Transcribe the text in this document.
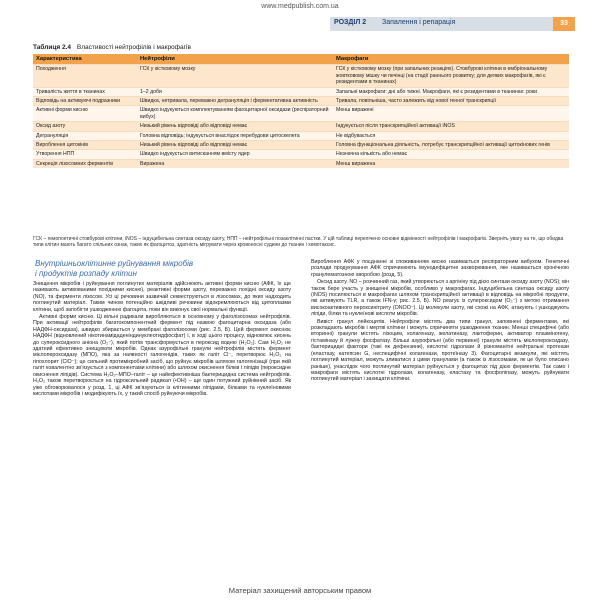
www.medpublish.com.ua
РОЗДІЛ 2 Запалення і репарація	33
Таблиця 2.4 Властивості нейтрофілів і макрофагів
Характеристика	Нейтрофіли	Макрофаги
Походження	ГСК у кістковому мозку	ГСК у кістковому мозку (при запальних реакціях). Стовбурові клітини в ембріональному жовтковому мішку чи печінці (на стадії раннього розвитку; для деяких макрофагів, які є резидентами в тканинах)
Тривалість життя в тканинах	1–2 доби	Запальні макрофаги: дні або тижні. Макрофаги, які є резидентами в тканинах: роки
Відповідь на активуючі подразники	Швидка, нетривала, переважно дегрануляція і ферментативна активність	Тривала, повільніша, часто залежить від нової генної транскрипції
Активні форми кисню	Швидко індукуються комплектуванням фагоцитарної оксидази (респіраторний вибух)	Менш виражені
Оксид азоту	Низький рівень відповіді або відповіді немає	Індукується після транскрипційної активації iNOS
Дегрануляція	Головна відповідь; індукується внаслідок перебудови цитоскелета	Не відбувається
Вироблення цитокінів	Низький рівень відповіді або відповіді немає	Головна функціональна діяльність, потребує транскрипційної активації цитокінових генів
Утворення НПП	Швидко індукується витисканням вмісту ядер	Незначна кількість або немає
Секреція лізосомних ферментів	Виражена	Менш виражена
ГСК – гемопоетичні стовбурові клітини, iNOS – індуцибельна синтаза оксиду азоту, НПП – нейтрофільні позаклітинні пастки. У цій таблиці перелічено основні відмінності нейтрофілів і макрофагів. Зверніть увагу на те, що обидва типи клітин мають багато спільних ознак, таких як фагоцитоз, здатність мігрувати через кровоносні судини до тканин і хемотаксис.
Внутрішньоклітинне руйнування мікробів
і продуктів розпаду клітин

Знищення мікробів і руйнування поглинутих матеріалів здійснюють активні форми кисню (АФК, їх ще називають активованими похідними кисню), реактивні форми азоту, переважно похідні оксиду азоту (NO), та ферменти лізосом. Усі ці речовини зазвичай секвеструються в лізосомах, до яких надходить поглинутий матеріал. Таким чином потенційно шкідливі речовини відокремлюються від цитоплазми клітини, щоб запобігти ушкодженню фагоцита, поки він виконує свої нормальні функції.

Активні форми кисню. Ці вільні радикали виробляються в основному у фаголізосомах нейтрофілів. При активації нейтрофілів багатокомпонентний фермент під назвою фагоцитарна оксидаза (або НАДФН-оксидаза), швидко збирається у мембрані фаголізосоми (рис. 2.5, Б). Цей фермент окиснює НАДФН (відновлений нікотинамідаденіндинуклеотидфосфат) і, в ході цього процесу, відновлює кисень до супероксидного аніона (O₂⁻), який потім трансформується в пероксид водню (H₂O₂). Сам H₂O₂ не здатний ефективно знищувати мікробів. Однак азурофільні гранули нейтрофілів містять фермент мієлопероксидазу (МПО), яка за наявності галогенідів, таких як галіт Cl⁻, перетворює H₂O₂ на гіпохлорит (ClO⁻); це сильний протимікробний засіб, що руйнує мікробів шляхом галогенізації (при якій галіт ковалентно зв’язується з компонентами клітини) або шляхом окиснення білків і ліпідів (пероксидне окиснення ліпідів). Система H₂O₂–МПО–галіт – це найефективніша бактерицидна система нейтрофілів. H₂O₂ також перетворюється на гідроксильний радикал (•OH) – ще один потужний руйнівний засіб. Як уже обговорювалося у розд. 1, ці АФК зв’язуються із клітинними ліпідами, білками та нуклеїновими кислотами мікробів і модифікують їх, у такий спосіб руйнуючи мікробів.

Вироблення АФК у поєднанні зі споживанням кисню називається респіраторним вибухом. Генетичні розлади продукування АФК спричинюють імунодефіцитне захворювання, яке називається хронічною гранулематозною хворобою (розд. 5).

Оксид азоту. NO – розчинний газ, який утворюється з аргініну під дією синтази оксиду азоту (NOS); він також бере участь у знищенні мікробів, особливо у макрофагах. Індуцибельна синтаза оксиду азоту (iNOS) посилюється в макрофагах шляхом транскрипційної активації в відповідь на мікробні продукти, які активують TLR, а також IFN-γ; рис. 2.5, Б). NO реагує із супероксидом (O₂⁻) з метою отримання високоактивного пероксинітриту (ONOO⁻). Ці молекули азоту, які схожі на АФК, атакують і ушкоджують ліпіди, білки та нуклеїнові кислоти мікробів.

Вивіст гранул лейкоцитів. Нейтрофіли містять два типи гранул, заповнені ферментами, які розкладають мікробів і мертві клітини і можуть спричиняти ушкодження тканин. Менші специфічні (або вторинні) гранули містять лізоцим, колагеназу, желатиназу, лактоферин, активатор плазміногену, гістаміназу й лужну фосфатазу. Більші азурофільні (або первинні) гранули містять мієлопероксидазу, бактерицидні фактори (такі як дефензини), кислотні гідролази й різноманітні нейтральні протеази (еластазу, катепсин G, неспецифічні колагенази, протеїназу 3). Фагоцитарні везикули, які містять поглинутий матеріал, можуть зливатися з цими гранулами (а також із лізосомами, як це було описано раніше), унаслідок чого поглинутий матеріал руйнується у фагоцитах під дією ферментів. Так само і макрофаги містять кислотні гідролази, колагеназу, еластазу та фосфоліпазу, можуть руйнувати поглинутий матеріал і захищати клітини.

Матеріал захищений авторським правом
